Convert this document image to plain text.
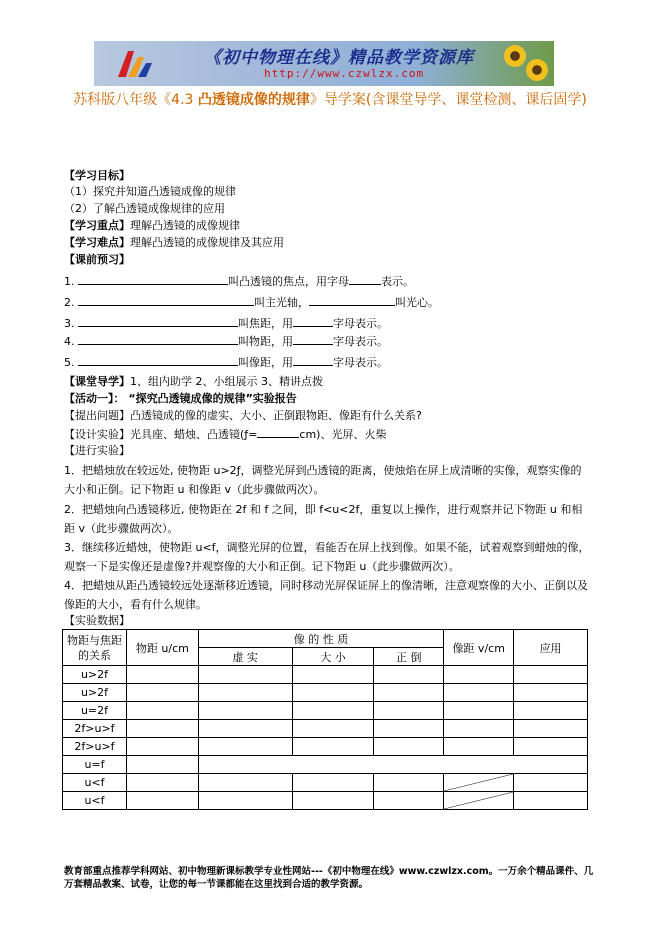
《初中物理在线》精品教学资源库
http://www.czwlzx.com
苏科版八年级《4.3 凸透镜成像的规律》导学案(含课堂导学、课堂检测、课后固学)
【学习目标】
（1）探究并知道凸透镜成像的规律
（2）了解凸透镜成像规律的应用
【学习重点】理解凸透镜的成像规律
【学习难点】理解凸透镜的成像规律及其应用
【课前预习】
1.	叫凸透镜的焦点，用字母	表示。
2.	叫主光轴，	叫光心。
3.	叫焦距，用	字母表示。
4.	叫物距，用	字母表示。
5.	叫像距，用	字母表示。
【课堂导学】1、组内助学 2、小组展示 3、精讲点拨
【活动一】： “探究凸透镜成像的规律”实验报告
【提出问题】凸透镜成的像的虚实、大小、正倒跟物距、像距有什么关系?
【设计实验】光具座、蜡烛、凸透镜(ƒ=	cm)、光屏、火柴
【进行实验】
1．把蜡烛放在较远处, 使物距 u>2ƒ，调整光屏到凸透镜的距离，使烛焰在屏上成清晰的实像，观察实像的大小和正倒。记下物距 u 和像距 v（此步骤做两次）。
2．把蜡烛向凸透镜移近, 使物距在 2f 和 f 之间，即 f<u<2f，重复以上操作，进行观察并记下物距 u 和相距 v（此步骤做两次）。
3．继续移近蜡烛，使物距 u<f，调整光屏的位置，看能否在屏上找到像。如果不能，试着观察到蜡烛的像，观察一下是实像还是虚像?并观察像的大小和正倒。记下物距 u（此步骤做两次）。
4．把蜡烛从距凸透镜较远处逐渐移近透镜，同时移动光屏保证屏上的像清晰，注意观察像的大小、正倒以及像距的大小，看有什么规律。
【实验数据】
物距与焦距的关系	物距 u/cm	像 的 性 质			像距 v/cm	应用
		虚 实	大 小	正 倒		
u>2f						
u>2f						
u=2f						
2f>u>f						
2f>u>f						
u=f						
u<f					

u<f					

教育部重点推荐学科网站、初中物理新课标教学专业性网站---《初中物理在线》www.czwlzx.com。一万余个精品课件、几万套精品教案、试卷，让您的每一节课都能在这里找到合适的教学资源。
